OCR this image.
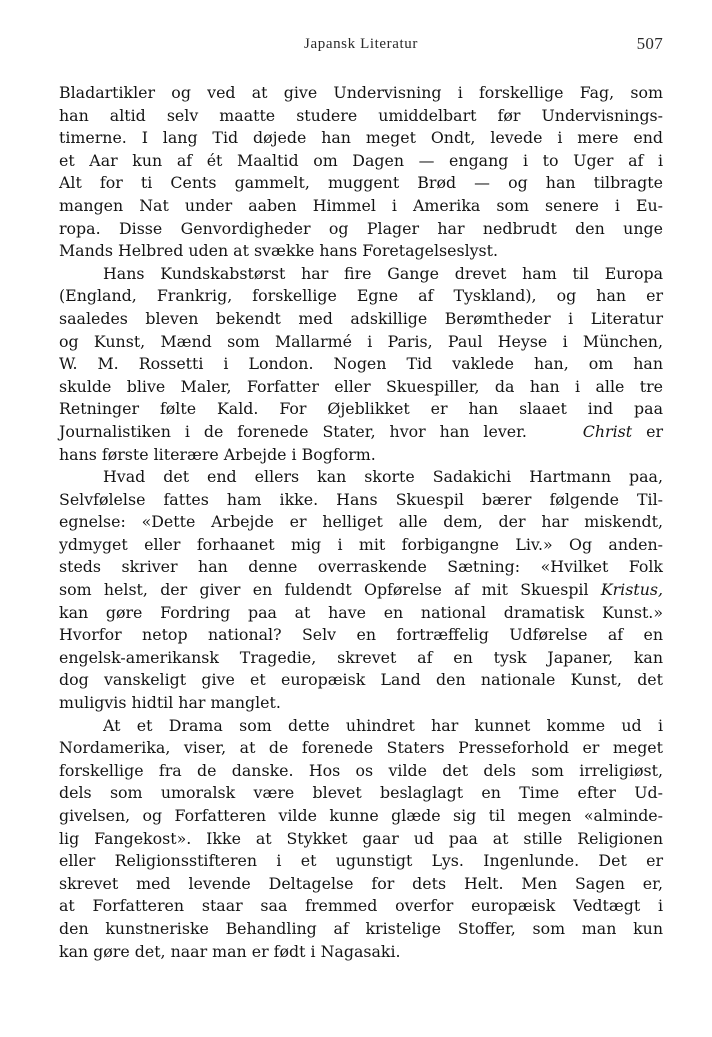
Japansk Literatur	507
Bladartikler og ved at give Undervisning i forskellige Fag, som
han altid selv maatte studere umiddelbart før Undervisnings-
timerne. I lang Tid døjede han meget Ondt, levede i mere end
et Aar kun af ét Maaltid om Dagen — engang i to Uger af i
Alt for ti Cents gammelt, muggent Brød — og han tilbragte
mangen Nat under aaben Himmel i Amerika som senere i Eu-
ropa. Disse Genvordigheder og Plager har nedbrudt den unge
Mands Helbred uden at svække hans Foretagelseslyst.
Hans Kundskabstørst har fire Gange drevet ham til Europa
(England, Frankrig, forskellige Egne af Tyskland), og han er
saaledes bleven bekendt med adskillige Berømtheder i Literatur
og Kunst, Mænd som Mallarmé i Paris, Paul Heyse i München,
W. M. Rossetti i London. Nogen Tid vaklede han, om han
skulde blive Maler, Forfatter eller Skuespiller, da han i alle tre
Retninger følte Kald. For Øjeblikket er han slaaet ind paa
Journalistiken i de forenede Stater, hvor han lever.	Christ er
hans første literære Arbejde i Bogform.
Hvad det end ellers kan skorte Sadakichi Hartmann paa,
Selvfølelse fattes ham ikke. Hans Skuespil bærer følgende Til-
egnelse: «Dette Arbejde er helliget alle dem, der har miskendt,
ydmyget eller forhaanet mig i mit forbigangne Liv.» Og anden-
steds skriver han denne overraskende Sætning: «Hvilket Folk
som helst, der giver en fuldendt Opførelse af mit Skuespil Kristus,
kan gøre Fordring paa at have en national dramatisk Kunst.»
Hvorfor netop national? Selv en fortræffelig Udførelse af en
engelsk-amerikansk Tragedie, skrevet af en tysk Japaner, kan
dog vanskeligt give et europæisk Land den nationale Kunst, det
muligvis hidtil har manglet.
At et Drama som dette uhindret har kunnet komme ud i
Nordamerika, viser, at de forenede Staters Presseforhold er meget
forskellige fra de danske. Hos os vilde det dels som irreligiøst,
dels som umoralsk være blevet beslaglagt en Time efter Ud-
givelsen, og Forfatteren vilde kunne glæde sig til megen «alminde-
lig Fangekost». Ikke at Stykket gaar ud paa at stille Religionen
eller Religionsstifteren i et ugunstigt Lys. Ingenlunde. Det er
skrevet med levende Deltagelse for dets Helt. Men Sagen er,
at Forfatteren staar saa fremmed overfor europæisk Vedtægt i
den kunstneriske Behandling af kristelige Stoffer, som man kun
kan gøre det, naar man er født i Nagasaki.
